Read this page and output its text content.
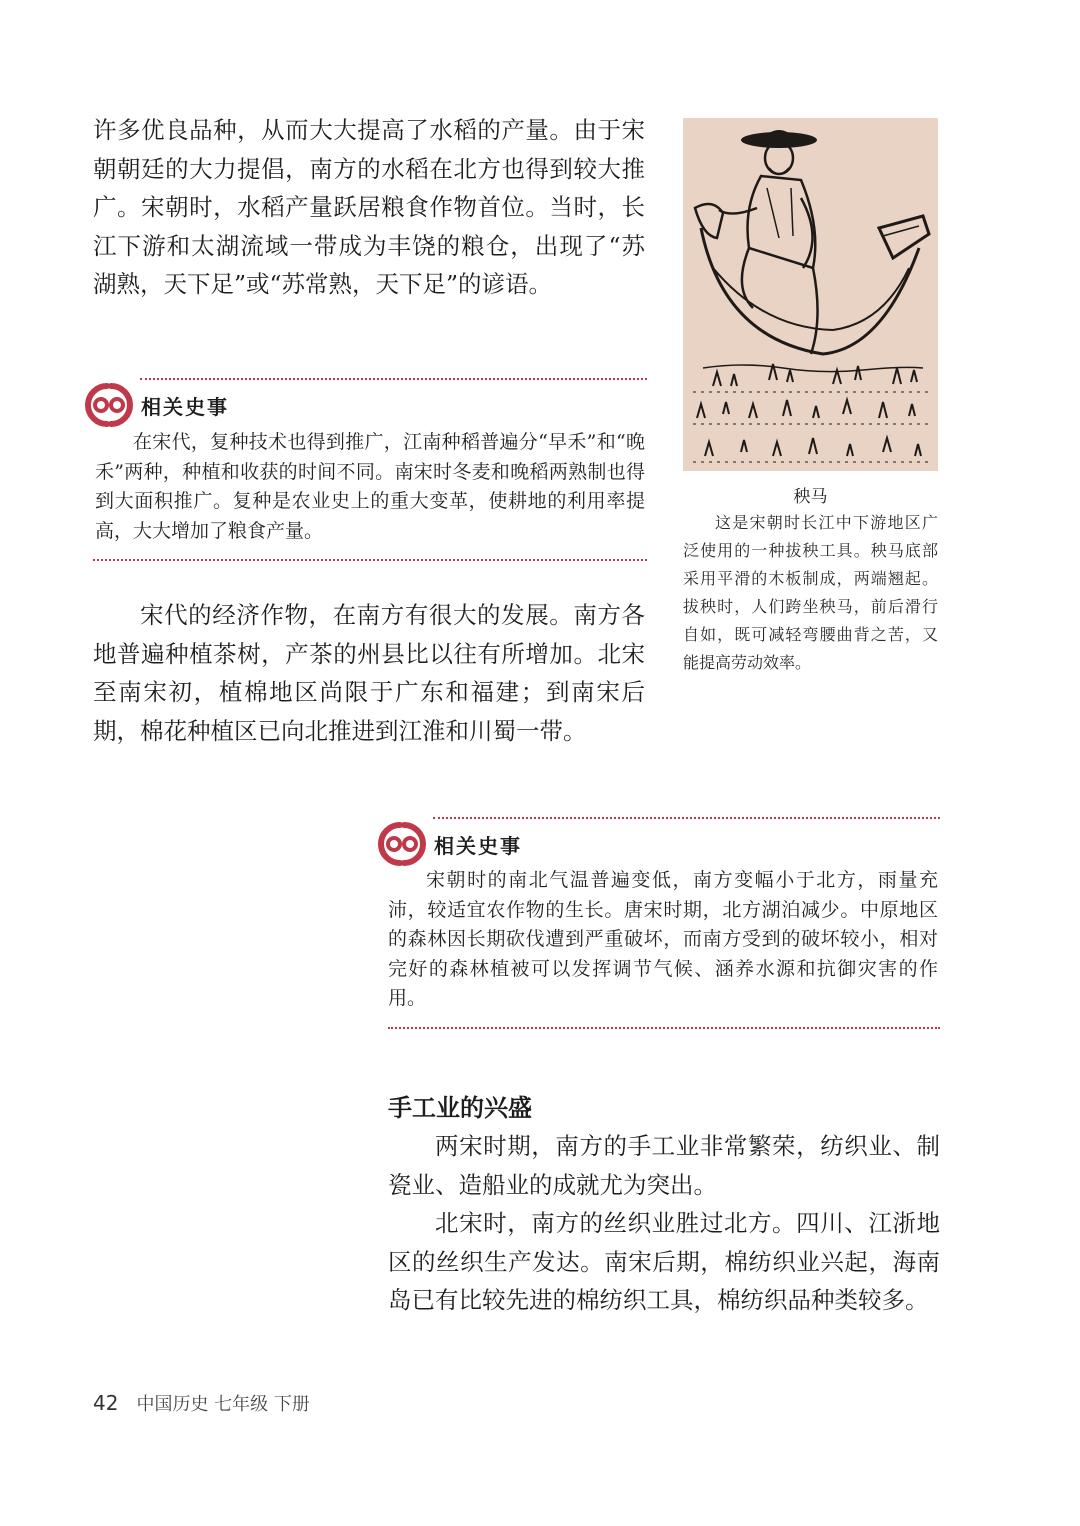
许多优良品种，从而大大提高了水稻的产量。由于宋朝朝廷的大力提倡，南方的水稻在北方也得到较大推广。宋朝时，水稻产量跃居粮食作物首位。当时，长江下游和太湖流域一带成为丰饶的粮仓，出现了“苏湖熟，天下足”或“苏常熟，天下足”的谚语。

相关史事

在宋代，复种技术也得到推广，江南种稻普遍分“早禾”和“晚禾”两种，种植和收获的时间不同。南宋时冬麦和晚稻两熟制也得到大面积推广。复种是农业史上的重大变革，使耕地的利用率提高，大大增加了粮食产量。

宋代的经济作物，在南方有很大的发展。南方各地普遍种植茶树，产茶的州县比以往有所增加。北宋至南宋初，植棉地区尚限于广东和福建；到南宋后期，棉花种植区已向北推进到江淮和川蜀一带。

秧马

这是宋朝时长江中下游地区广泛使用的一种拔秧工具。秧马底部采用平滑的木板制成，两端翘起。拔秧时，人们跨坐秧马，前后滑行自如，既可减轻弯腰曲背之苦，又能提高劳动效率。

相关史事

宋朝时的南北气温普遍变低，南方变幅小于北方，雨量充沛，较适宜农作物的生长。唐宋时期，北方湖泊减少。中原地区的森林因长期砍伐遭到严重破坏，而南方受到的破坏较小，相对完好的森林植被可以发挥调节气候、涵养水源和抗御灾害的作用。

手工业的兴盛

两宋时期，南方的手工业非常繁荣，纺织业、制瓷业、造船业的成就尤为突出。

北宋时，南方的丝织业胜过北方。四川、江浙地区的丝织生产发达。南宋后期，棉纺织业兴起，海南岛已有比较先进的棉纺织工具，棉纺织品种类较多。

42 中国历史 七年级 下册
